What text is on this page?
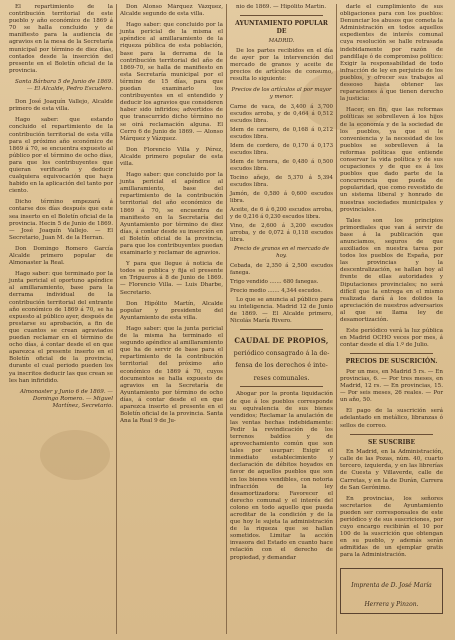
El repartimiento de la contribución territorial de este pueblo y año económico de 1869 á 70 se halla concluido y de manifiesto para la audiencia de agravios en la mesa de la Secretaría municipal por término de diez días, contados desde la inserción del presente en el Boletín oficial de la provincia.

Santa Bárbara 5 de Junio de 1869. — El Alcalde, Pedro Escudero.

Don José Joaquín Vallejo, Alcalde primero de esta villa.

Hago saber: que estando concluido el repartimiento de la contribución territorial de esta villa para el próximo año económico de 1869 á 70, se encuentra expuesto al público por el término de ocho días, para que los contribuyentes que quieran verificarlo y deducir cualquiera equivocación que haya habido en la aplicación del tanto por ciento.

Dicho término empezará á contarse dos días después que este sea inserto en el Boletín oficial de la provincia. Hecin 5 de Junio de 1869. — José Joaquín Vallejo. — El Secretario, Juan M. de la Herran.

Don Domingo Romero García Alcalde primero popular de Almonaster la Real.

Hago saber: que terminado por la junta pericial el oportuno apéndice al amillaramiento, base para la derrama individual de la contribución territorial del entrante año económico de 1869 á 70, se ha expuesto al público ayer, después de prestarse su aprobación, a fin de que cuantos se crean agraviados puedan reclamar en el término de ocho días, á contar desde el en que aparezca el presente inserto en el Boletín oficial de la provincia, durante el cual periodo pueden los ya inscritos deducir las que crean se les han infiridido.

Almonaster y Junio 6 de 1869. — Domingo Romero. — Miguel Martínez, Secretario.

Don Alonso Márquez Vázquez, Alcalde segundo de esta villa.

Hago saber: que concluido por la junta pericial de la misma el apéndice al amillaramiento de la riqueza pública de esta población, base para la derrama de la contribución territorial del año de 1869-70, se halla de manifiesto en esta Secretaría municipal por el término de 15 días, para que puedan examinarlo los contribuyentes en el entendido y deducir los agravios que consideren haber sido infiridos; advertidos de que transcurrido dicho término no se oirá reclamación alguna. El Cerro 6 de Junio de 1869. — Alonso Márquez y Vázquez.

Don Florencio Villa y Pérez, Alcalde primero popular de esta villa.

Hago saber: que concluido por la junta pericial el apéndice al amillaramiento, base del repartimiento de la contribución territorial del año económico de 1869 á 70, se encuentra de manifiesto en la Secretaría del Ayuntamiento por término de diez días, á contar desde su inserción en el Boletín oficial de la provincia, para que los contribuyentes puedan examinarlo y reclamar de agravios.

Y para que llegue á noticia de todos se publica y fija el presente en Trigueros á 8 de Junio de 1869. — Florencio Villa. — Luis Dharbe, Secretario.

Don Hipólito Martín, Alcalde popular y presidente del Ayuntamiento de esta villa.

Hago saber: que la junta pericial de la misma ha terminado el segundo apéndice al amillaramiento que ha de servir de base para el repartimiento de la contribución territorial del próximo año económico de 1869 á 70, cuyos documentos se halla expuesto de agravios en la Secretaría de Ayuntamiento por término de ocho días, á contar desde el en que aparezca inserto el presente en el Boletín oficial de la provincia. Santa Ana la Real 9 de Ju-

nio de 1869. — Hipólito Martín.

AYUNTAMIENTO POPULAR DE

MADRID.

De los partes recibidos en el día de ayer por la intervención del mercado de granos y aceite de precios de artículos de consumo, resulta lo siguiente:

Precios de los artículos al por mayor y menor.

Carne de vaca, de 3,400 á 3,700 escudos arroba, y de 0,464 á 0,512 escudos libra.

Idem de carnero, de 0,168 á 0,212 escudos libra.

Idem de cordero, de 0,170 á 0,173 escudos libra.

Idem de ternera, de 0,480 á 0,500 escudos libra.

Tocino añejo, de 5,370 á 5,394 escudos libra.

Jamón, de 0,580 á 0,600 escudos libra.

Aceite, de 6 á 6,200 escudos arroba, y de 0,216 á 0,230 escudos libra.

Vino, de 2,600 á 3,200 escudos arroba, y de 0,072 á 0,118 escudos libra.

Precio de granos en el mercado de hoy.

Cebada, de 2,350 á 2,500 escudos fanega.

Trigo vendido ....... 680 fanegas.

Precio medio ....... 4,344 escudos.

Lo que se anuncia al público para su inteligencia. Madrid 12 de Junio de 1869. — El Alcalde primero, Nicolás María Rivero.

CAUDAL DE PROPIOS,

periódico consagrado á la de-

fensa de los derechos é inte-

reses comunales.

Abogar por la pronta liquidación de que á los pueblos corresponde su equivalencia de sus bienes vendidos; Reclamar la anulación de las ventas hechas indebidamente: Pedir la revindicación de los terrenos baldíos y de aprovechamiento común que son tales por usurpar: Exigir el inmediato establecimiento y declaración de débitos hoyados en favor de aquellos pueblos que son en los bienes vendibles, con notoria infracción de la ley desamortizadora: Favorecer el derecho comunal y el interés del colono en todo aquello que pueda acreditar de la condición y de la que hoy le sujeta la administración de la riqueza que se hallan sometidos. Limitar la acción invasora del Estado en cuanto hace relación con el derecho de propiedad, y demandar

darle el cumplimiento de sus obligaciones para con los pueblos: Denunciar los abusos que cometa la Administración en todos aquellos expedientes de interés comunal cuya resolución se halle retrasada indebidamente por razón de pandillaje ó de compromiso político: Exigir la responsabilidad de todo infracción de ley en perjuicio de los pueblos, y ofrecer sus trabajos al deseoso hasta obtener las reparaciones á que tienen derecho la justicia:

Hacer, en fin, que las reformas políticas se sobrelleven á los hijos de la economía y de la sociedad de los pueblos, ya que si le conveniencia y la necesidad de los pueblos se sobrelleven á la reformas políticas que entiende conservar la vida política y de sus ocupaciones y de que es á los pueblos que dado parte de la concurrencia que pueda de popularidad, que como revestido de un sistema liberal y honrado de nuestras sociedades municipales y provinciales.

Tales son los principios primordiales que van á servir de base á la publicación que anunciamos, seguros de que auxiliados en nuestra tarea por todos los pueblos de España, por las provincias y la descentralización, se hallan hoy al frente de ellas autoridades y Diputaciones provinciales; no será difícil que la entrega en el mismo realizada dará á los dolidos la apreciación de nuestros adversarios al que se llama ley de desamortización.

Este periódico verá la luz pública en Madrid OCHO veces por mes, á contar desde el día 1.º de Julio.

PRECIOS DE SUSCRICIÓN.

Por un mes, en Madrid 5 rs. — En provincias, 6. — Por tres meses, en Madrid, 12 rs. — En provincias, 15. — Por seis meses, 26 reales. — Por un año, 50.

El pago de la suscrición será adelantado en metálico, libranzas ó sellos de correo.

SE SUSCRIBE

En Madrid, en la Administración, calle de las Pozas, núm. 40, cuarto tercero, izquierda, y en las librerías de Cuesta y Villaverde, calle de Carretas, y en la de Durán, Carrera de San Gerónimo.

En provincias, los señores secretarios de Ayuntamiento pueden ser corresponsales de este periódico y de sus suscriciones, por cuyo encargo recibirán el 10 por 100 de la suscrición que obtengan en su pueblo, y además serán admitidas de un ejemplar gratis para la Administración.

Imprenta de D. José María Herrera y Pinzon.
